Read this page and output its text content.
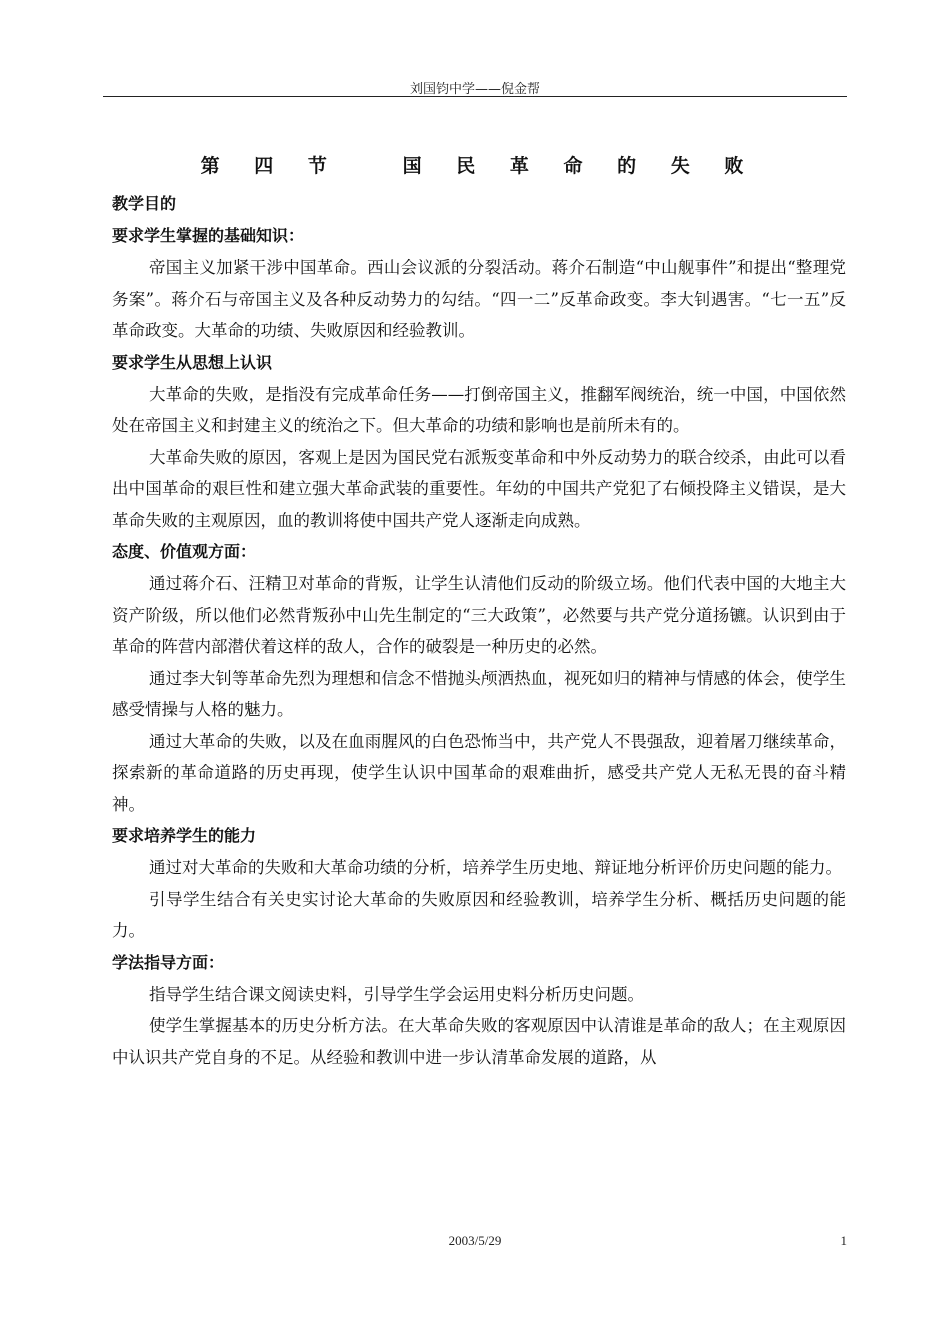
刘国钧中学——倪金帮
第 四 节   国 民 革 命 的 失 败

教学目的

要求学生掌握的基础知识：

帝国主义加紧干涉中国革命。西山会议派的分裂活动。蒋介石制造“中山舰事件”和提出“整理党务案”。蒋介石与帝国主义及各种反动势力的勾结。“四一二”反革命政变。李大钊遇害。“七一五”反革命政变。大革命的功绩、失败原因和经验教训。

要求学生从思想上认识

大革命的失败，是指没有完成革命任务——打倒帝国主义，推翻军阀统治，统一中国，中国依然处在帝国主义和封建主义的统治之下。但大革命的功绩和影响也是前所未有的。

大革命失败的原因，客观上是因为国民党右派叛变革命和中外反动势力的联合绞杀，由此可以看出中国革命的艰巨性和建立强大革命武装的重要性。年幼的中国共产党犯了右倾投降主义错误，是大革命失败的主观原因，血的教训将使中国共产党人逐渐走向成熟。

态度、价值观方面：

通过蒋介石、汪精卫对革命的背叛，让学生认清他们反动的阶级立场。他们代表中国的大地主大资产阶级，所以他们必然背叛孙中山先生制定的“三大政策”，必然要与共产党分道扬镳。认识到由于革命的阵营内部潜伏着这样的敌人，合作的破裂是一种历史的必然。

通过李大钊等革命先烈为理想和信念不惜抛头颅洒热血，视死如归的精神与情感的体会，使学生感受情操与人格的魅力。

通过大革命的失败，以及在血雨腥风的白色恐怖当中，共产党人不畏强敌，迎着屠刀继续革命，探索新的革命道路的历史再现，使学生认识中国革命的艰难曲折，感受共产党人无私无畏的奋斗精神。

要求培养学生的能力

通过对大革命的失败和大革命功绩的分析，培养学生历史地、辩证地分析评价历史问题的能力。

引导学生结合有关史实讨论大革命的失败原因和经验教训，培养学生分析、概括历史问题的能力。

学法指导方面：

指导学生结合课文阅读史料，引导学生学会运用史料分析历史问题。

使学生掌握基本的历史分析方法。在大革命失败的客观原因中认清谁是革命的敌人；在主观原因中认识共产党自身的不足。从经验和教训中进一步认清革命发展的道路，从

2003/5/29	1
